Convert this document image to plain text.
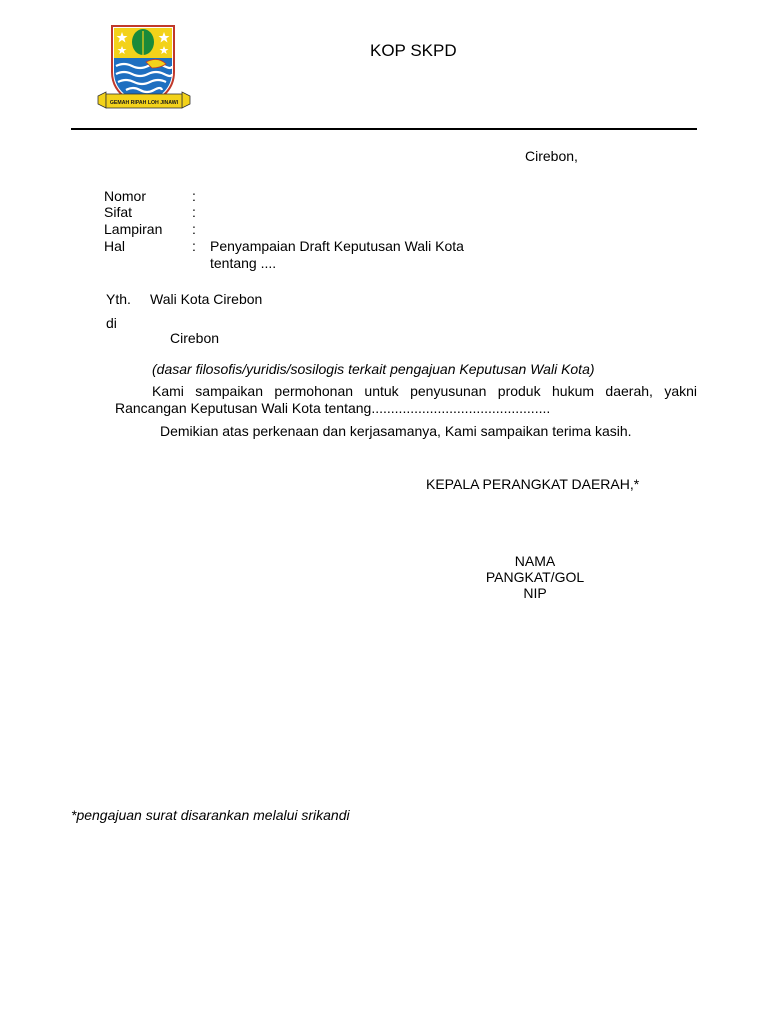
GEMAH RIPAH LOH JINAWI
KOP SKPD
Cirebon,
Nomor	:
Sifat	:
Lampiran :
Hal	: Penyampaian Draft Keputusan Wali Kota
tentang ....
Yth. Wali Kota Cirebon
di
Cirebon
(dasar filosofis/yuridis/sosilogis terkait pengajuan Keputusan Wali Kota)
Kami sampaikan permohonan untuk penyusunan produk hukum daerah, yakni
Rancangan Keputusan Wali Kota tentang..............................................
Demikian atas perkenaan dan kerjasamanya, Kami sampaikan terima kasih.
KEPALA PERANGKAT DAERAH,*
NAMA
PANGKAT/GOL
NIP
*pengajuan surat disarankan melalui srikandi
